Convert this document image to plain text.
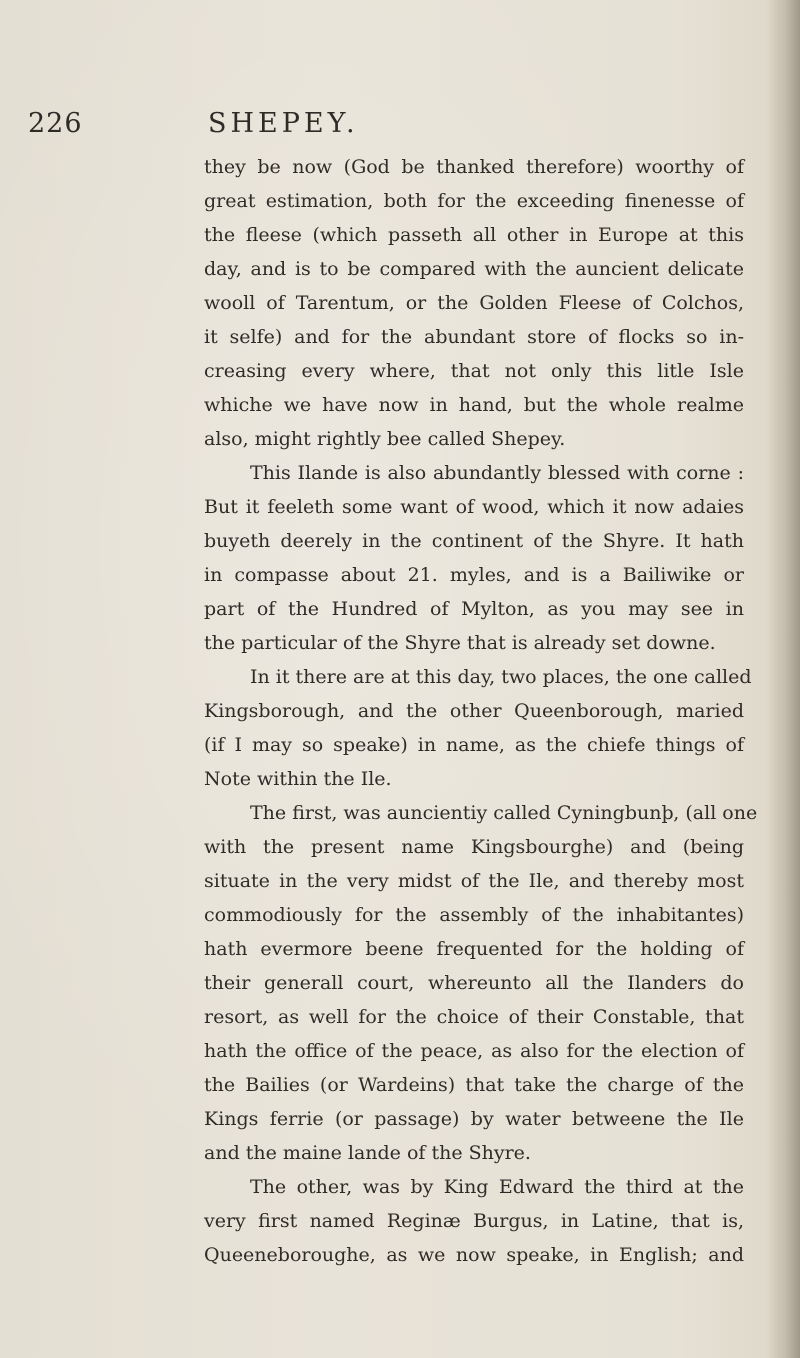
226	SHEPEY.
they be now (God be thanked therefore) woorthy of
great estimation, both for the exceeding finenesse of
the fleese (which passeth all other in Europe at this
day, and is to be compared with the auncient delicate
wooll of Tarentum, or the Golden Fleese of Colchos,
it selfe) and for the abundant store of flocks so in-
creasing every where, that not only this litle Isle
whiche we have now in hand, but the whole realme
also, might rightly bee called Shepey.
This Ilande is also abundantly blessed with corne :
But it feeleth some want of wood, which it now adaies
buyeth deerely in the continent of the Shyre. It hath
in compasse about 21. myles, and is a Bailiwike or
part of the Hundred of Mylton, as you may see in
the particular of the Shyre that is already set downe.
In it there are at this day, two places, the one called
Kingsborough, and the other Queenborough, maried
(if I may so speake) in name, as the chiefe things of
Note within the Ile.
The first, was auncientiy called Cyningbunþ, (all one
with the present name Kingsbourghe) and (being
situate in the very midst of the Ile, and thereby most
commodiously for the assembly of the inhabitantes)
hath evermore beene frequented for the holding of
their generall court, whereunto all the Ilanders do
resort, as well for the choice of their Constable, that
hath the office of the peace, as also for the election of
the Bailies (or Wardeins) that take the charge of the
Kings ferrie (or passage) by water betweene the Ile
and the maine lande of the Shyre.
The other, was by King Edward the third at the
very first named Reginæ Burgus, in Latine, that is,
Queeneboroughe, as we now speake, in English; and
